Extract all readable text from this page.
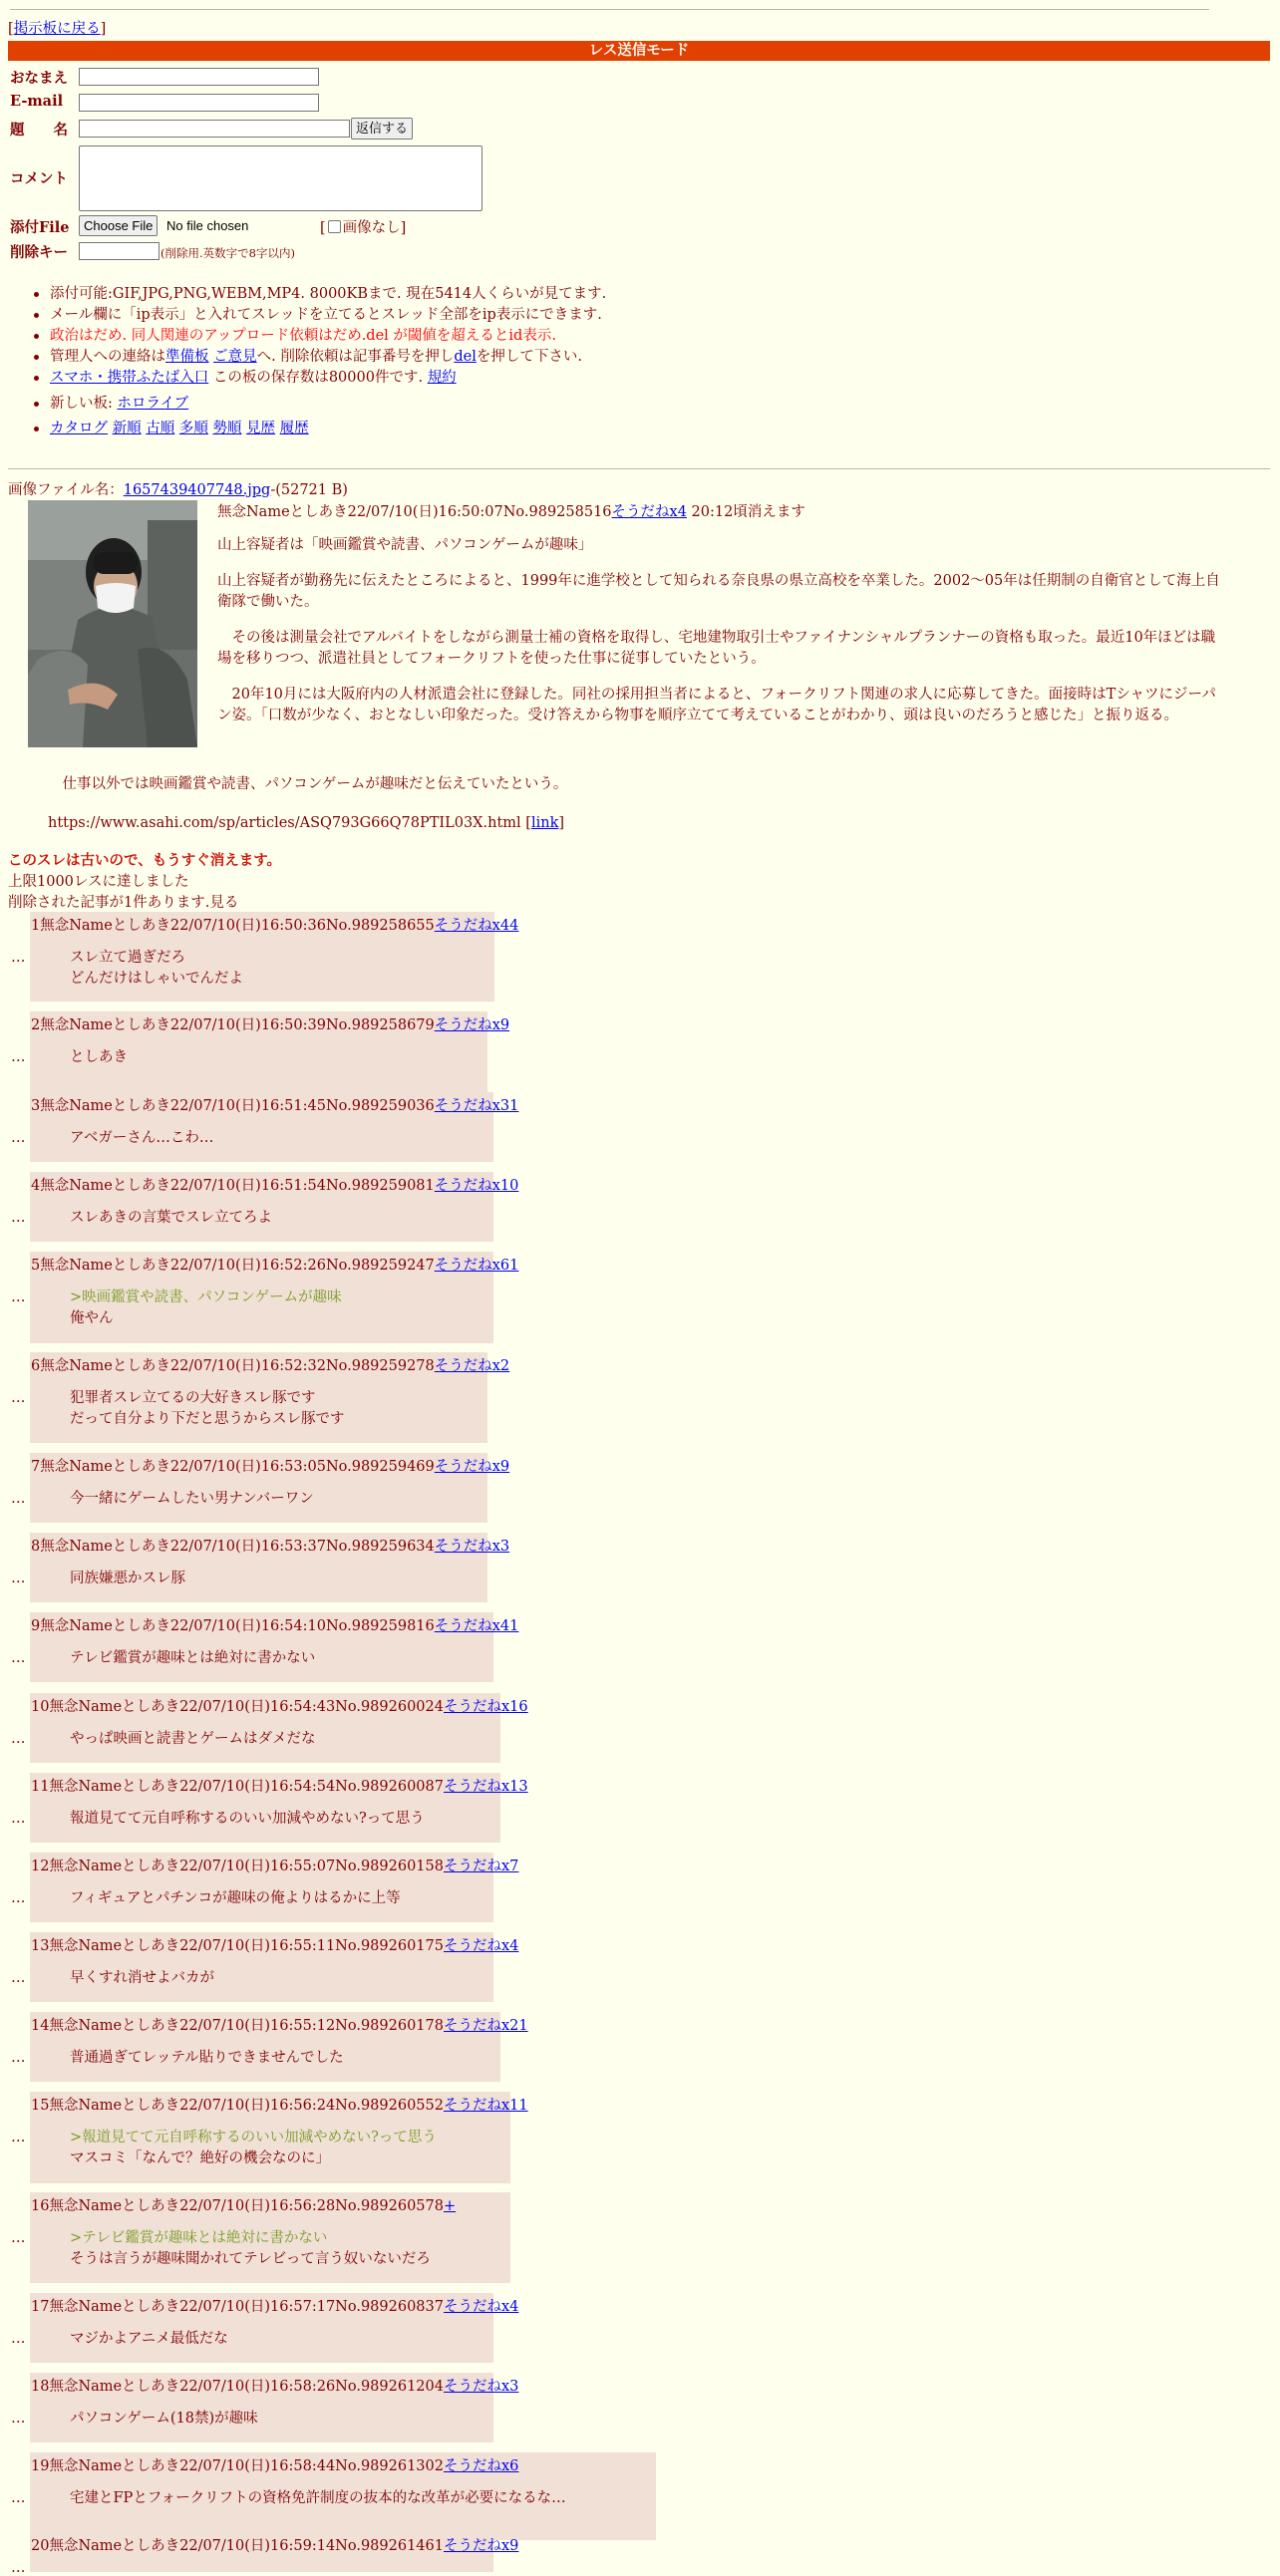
[掲示板に戻る]
レス送信モード
おなまえ
E-mail
題　　名	返信する
コメント
添付File	Choose File	No file chosen	[ 画像なし]
削除キー	(削除用.英数字で8字以内)
添付可能:GIF,JPG,PNG,WEBM,MP4. 8000KBまで. 現在5414人くらいが見てます.
メール欄に「ip表示」と入れてスレッドを立てるとスレッド全部をip表示にできます.
政治はだめ. 同人関連のアップロード依頼はだめ.del が閾値を超えるとid表示.
管理人への連絡は準備板 ご意見へ. 削除依頼は記事番号を押しdelを押して下さい.
スマホ・携帯ふたば入口 この板の保存数は80000件です. 規約
新しい板: ホロライブ
カタログ 新順 古順 多順 勢順 見歴 履歴
画像ファイル名：1657439407748.jpg-(52721 B)
無念Nameとしあき22/07/10(日)16:50:07No.989258516そうだねx4 20:12頃消えます

山上容疑者は「映画鑑賞や読書、パソコンゲームが趣味」

山上容疑者が勤務先に伝えたところによると、1999年に進学校として知られる奈良県の県立高校を卒業した。2002～05年は任期制の自衛官として海上自衛隊で働いた。

　その後は測量会社でアルバイトをしながら測量士補の資格を取得し、宅地建物取引士やファイナンシャルプランナーの資格も取った。最近10年ほどは職場を移りつつ、派遣社員としてフォークリフトを使った仕事に従事していたという。

　20年10月には大阪府内の人材派遣会社に登録した。同社の採用担当者によると、フォークリフト関連の求人に応募してきた。面接時はTシャツにジーパン姿。「口数が少なく、おとなしい印象だった。受け答えから物事を順序立てて考えていることがわかり、頭は良いのだろうと感じた」と振り返る。

　仕事以外では映画鑑賞や読書、パソコンゲームが趣味だと伝えていたという。
https://www.asahi.com/sp/articles/ASQ793G66Q78PTIL03X.html [link]
このスレは古いので、もうすぐ消えます。
上限1000レスに達しました
削除された記事が1件あります.見る
…
1無念Nameとしあき22/07/10(日)16:50:36No.989258655そうだねx44
スレ立て過ぎだろ
どんだけはしゃいでんだよ
…
2無念Nameとしあき22/07/10(日)16:50:39No.989258679そうだねx9
としあき
…
3無念Nameとしあき22/07/10(日)16:51:45No.989259036そうだねx31
アベガーさん…こわ…
…
4無念Nameとしあき22/07/10(日)16:51:54No.989259081そうだねx10
スレあきの言葉でスレ立てろよ
…
5無念Nameとしあき22/07/10(日)16:52:26No.989259247そうだねx61
>映画鑑賞や読書、パソコンゲームが趣味
俺やん
…
6無念Nameとしあき22/07/10(日)16:52:32No.989259278そうだねx2
犯罪者スレ立てるの大好きスレ豚です
だって自分より下だと思うからスレ豚です
…
7無念Nameとしあき22/07/10(日)16:53:05No.989259469そうだねx9
今一緒にゲームしたい男ナンバーワン
…
8無念Nameとしあき22/07/10(日)16:53:37No.989259634そうだねx3
同族嫌悪かスレ豚
…
9無念Nameとしあき22/07/10(日)16:54:10No.989259816そうだねx41
テレビ鑑賞が趣味とは絶対に書かない
…
10無念Nameとしあき22/07/10(日)16:54:43No.989260024そうだねx16
やっぱ映画と読書とゲームはダメだな
…
11無念Nameとしあき22/07/10(日)16:54:54No.989260087そうだねx13
報道見てて元自呼称するのいい加減やめない?って思う
…
12無念Nameとしあき22/07/10(日)16:55:07No.989260158そうだねx7
フィギュアとパチンコが趣味の俺よりはるかに上等
…
13無念Nameとしあき22/07/10(日)16:55:11No.989260175そうだねx4
早くすれ消せよバカが
…
14無念Nameとしあき22/07/10(日)16:55:12No.989260178そうだねx21
普通過ぎてレッテル貼りできませんでした
…
15無念Nameとしあき22/07/10(日)16:56:24No.989260552そうだねx11
>報道見てて元自呼称するのいい加減やめない?って思う
マスコミ「なんで？絶好の機会なのに」
…
16無念Nameとしあき22/07/10(日)16:56:28No.989260578+
>テレビ鑑賞が趣味とは絶対に書かない
そうは言うが趣味聞かれてテレビって言う奴いないだろ
…
17無念Nameとしあき22/07/10(日)16:57:17No.989260837そうだねx4
マジかよアニメ最低だな
…
18無念Nameとしあき22/07/10(日)16:58:26No.989261204そうだねx3
パソコンゲーム(18禁)が趣味
…
19無念Nameとしあき22/07/10(日)16:58:44No.989261302そうだねx6
宅建とFPとフォークリフトの資格免許制度の抜本的な改革が必要になるな…
…
20無念Nameとしあき22/07/10(日)16:59:14No.989261461そうだねx9
